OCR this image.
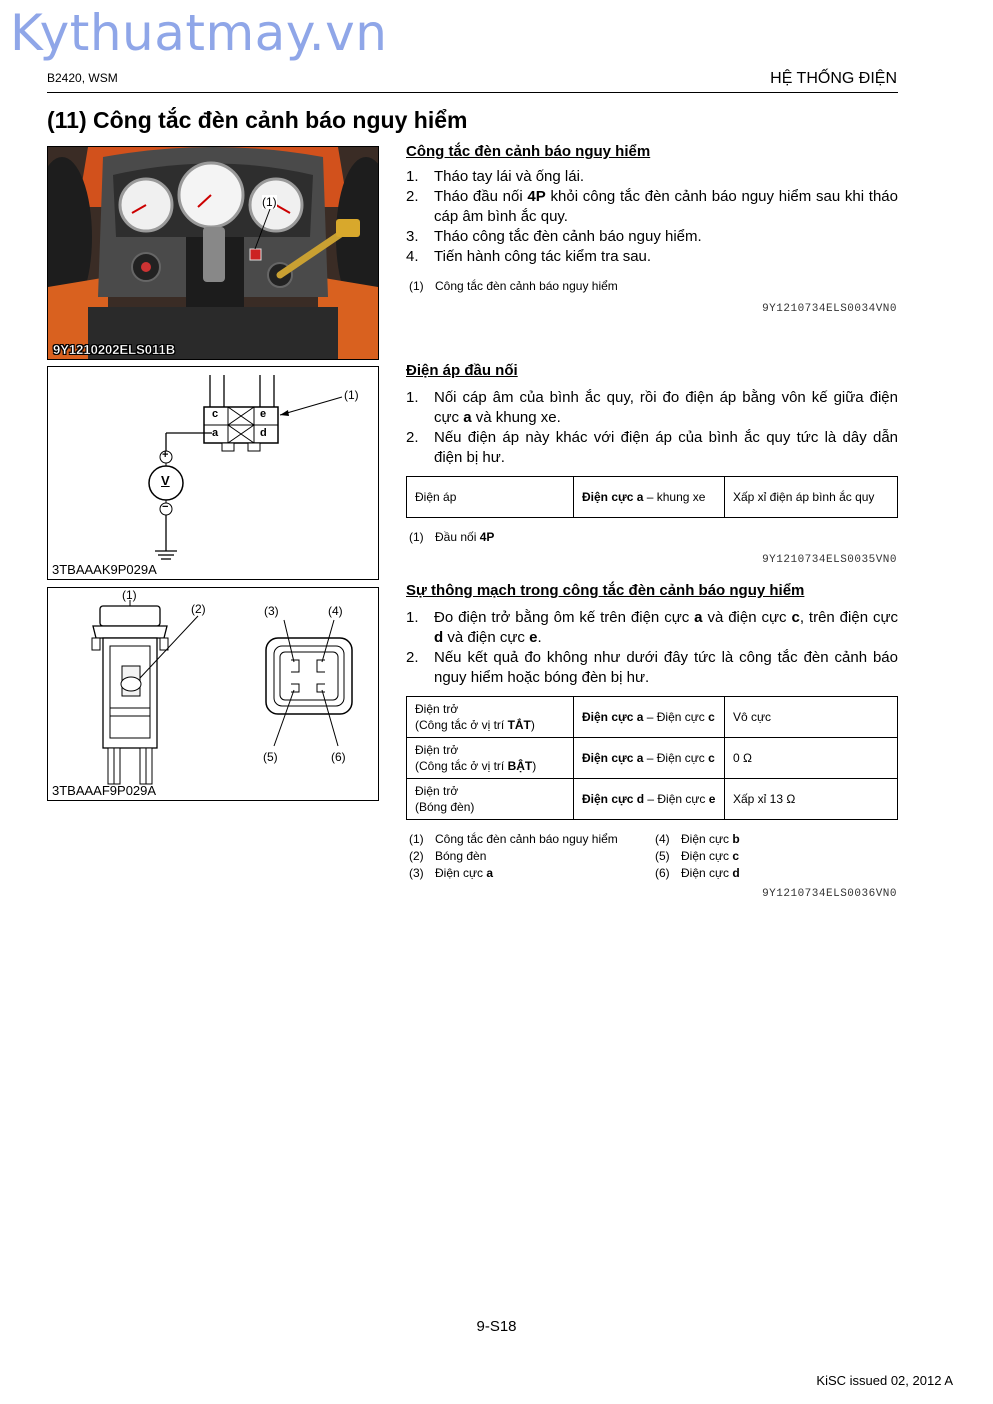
Kythuatmay.vn
B2420, WSM	HỆ THỐNG ĐIỆN
(11) Công tắc đèn cảnh báo nguy hiểm
(1)
9Y1210202ELS011B
c	e
a	d
(1)
V
+
−
3TBAAAK9P029A
(1)
(2)	(3)	(4)
(5)	(6)
3TBAAAF9P029A
Công tắc đèn cảnh báo nguy hiểm
1. Tháo tay lái và ống lái.
2. Tháo đầu nối 4P khỏi công tắc đèn cảnh báo nguy hiểm sau khi tháo cáp âm bình ắc quy.
3. Tháo công tắc đèn cảnh báo nguy hiểm.
4. Tiến hành công tác kiểm tra sau.
(1) Công tắc đèn cảnh báo nguy hiểm
9Y1210734ELS0034VN0
Điện áp đầu nối
1. Nối cáp âm của bình ắc quy, rồi đo điện áp bằng vôn kế giữa điện cực a và khung xe.
2. Nếu điện áp này khác với điện áp của bình ắc quy tức là dây dẫn điện bị hư.
Điện áp	Điện cực a – khung xe	Xấp xỉ điện áp bình ắc quy
(1) Đầu nối 4P
9Y1210734ELS0035VN0
Sự thông mạch trong công tắc đèn cảnh báo nguy hiểm
1. Đo điện trở bằng ôm kế trên điện cực a và điện cực c, trên điện cực d và điện cực e.
2. Nếu kết quả đo không như dưới đây tức là công tắc đèn cảnh báo nguy hiểm hoặc bóng đèn bị hư.
Điện trở
(Công tắc ở vị trí TẮT)	Điện cực a – Điện cực c	Vô cực
Điện trở
(Công tắc ở vị trí BẬT)	Điện cực a – Điện cực c	0 Ω
Điện trở
(Bóng đèn)	Điện cực d – Điện cực e	Xấp xỉ 13 Ω
(1) Công tắc đèn cảnh báo nguy hiểm
(2) Bóng đèn
(3) Điện cực a
(4) Điện cực b
(5) Điện cực c
(6) Điện cực d
9Y1210734ELS0036VN0
9-S18
KiSC issued 02, 2012 A
